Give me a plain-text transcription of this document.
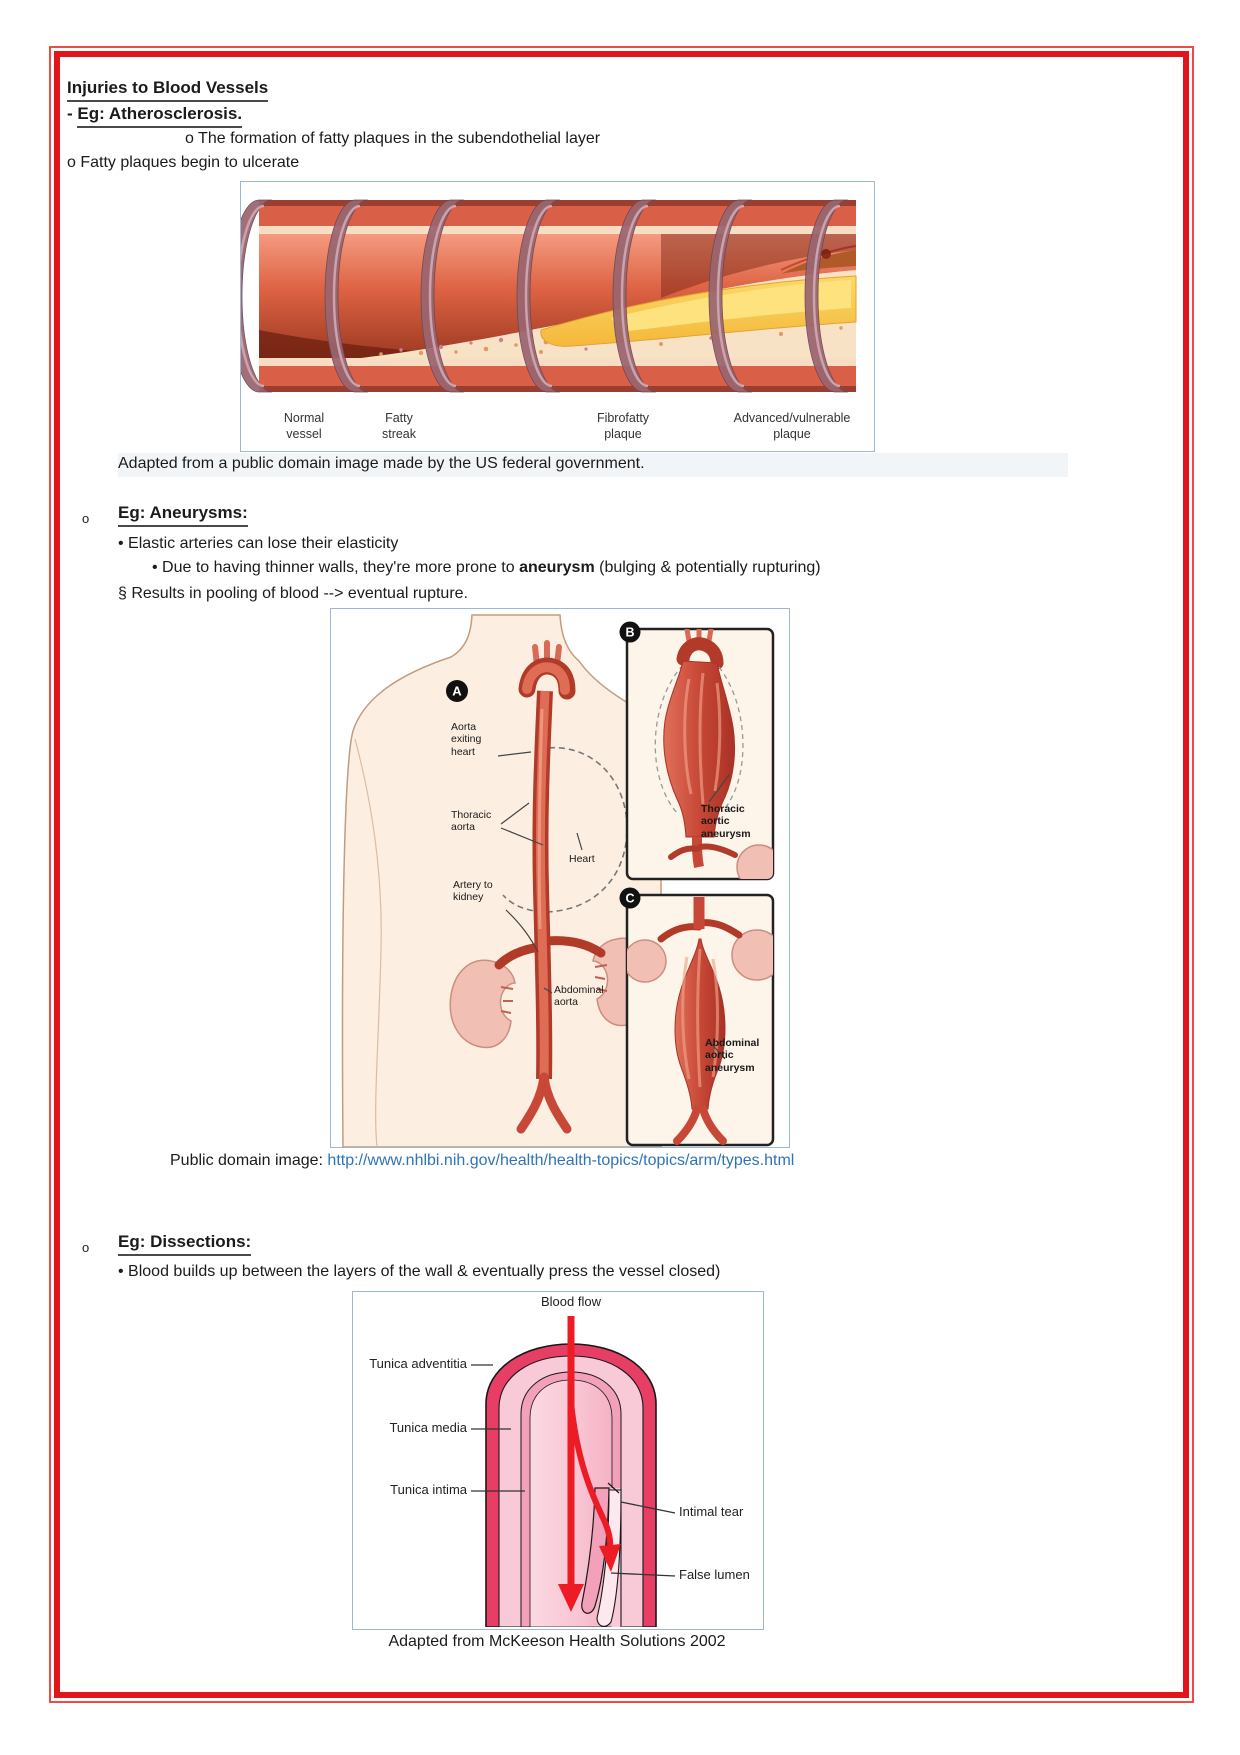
Injuries to Blood Vessels
- Eg: Atherosclerosis.
o The formation of fatty plaques in the subendothelial layer
o Fatty plaques begin to ulcerate
Normal vessel
Fatty streak
Fibrofatty plaque
Advanced/vulnerable plaque
Adapted from a public domain image made by the US federal government.
o Eg: Aneurysms:
• Elastic arteries can lose their elasticity
• Due to having thinner walls, they're more prone to aneurysm (bulging & potentially rupturing)
§ Results in pooling of blood --> eventual rupture.
A
B
C
Aorta exiting heart
Thoracic aorta
Heart
Artery to kidney
Abdominal aorta
Thoracic aortic aneurysm
Abdominal aortic aneurysm
Public domain image: http://www.nhlbi.nih.gov/health/health-topics/topics/arm/types.html
o Eg: Dissections:
• Blood builds up between the layers of the wall & eventually press the vessel closed)
Blood flow
Tunica adventitia
Tunica media
Tunica intima
Intimal tear
False lumen
Adapted from McKeeson Health Solutions 2002
